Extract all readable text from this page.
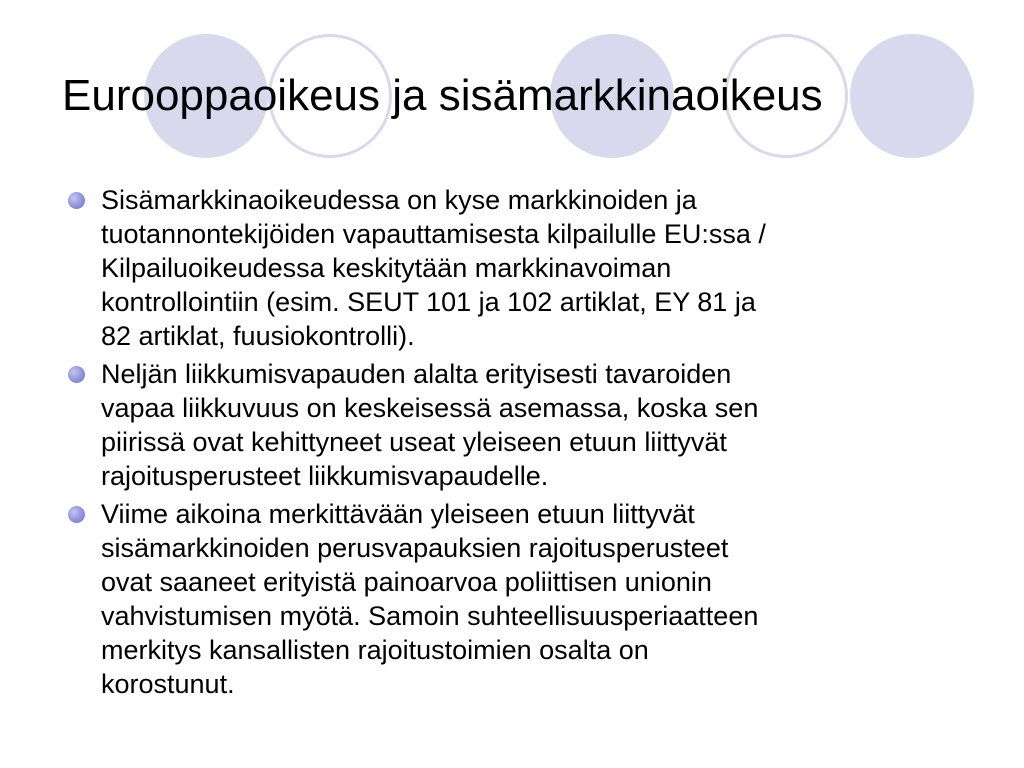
Eurooppaoikeus ja sisämarkkinaoikeus
Sisämarkkinaoikeudessa on kyse markkinoiden ja
tuotannontekijöiden vapauttamisesta kilpailulle EU:ssa /
Kilpailuoikeudessa keskitytään markkinavoiman
kontrollointiin (esim. SEUT 101 ja 102 artiklat, EY 81 ja
82 artiklat, fuusiokontrolli).
Neljän liikkumisvapauden alalta erityisesti tavaroiden
vapaa liikkuvuus on keskeisessä asemassa, koska sen
piirissä ovat kehittyneet useat yleiseen etuun liittyvät
rajoitusperusteet liikkumisvapaudelle.
Viime aikoina merkittävään yleiseen etuun liittyvät
sisämarkkinoiden perusvapauksien rajoitusperusteet
ovat saaneet erityistä painoarvoa poliittisen unionin
vahvistumisen myötä. Samoin suhteellisuusperiaatteen
merkitys kansallisten rajoitustoimien osalta on
korostunut.
